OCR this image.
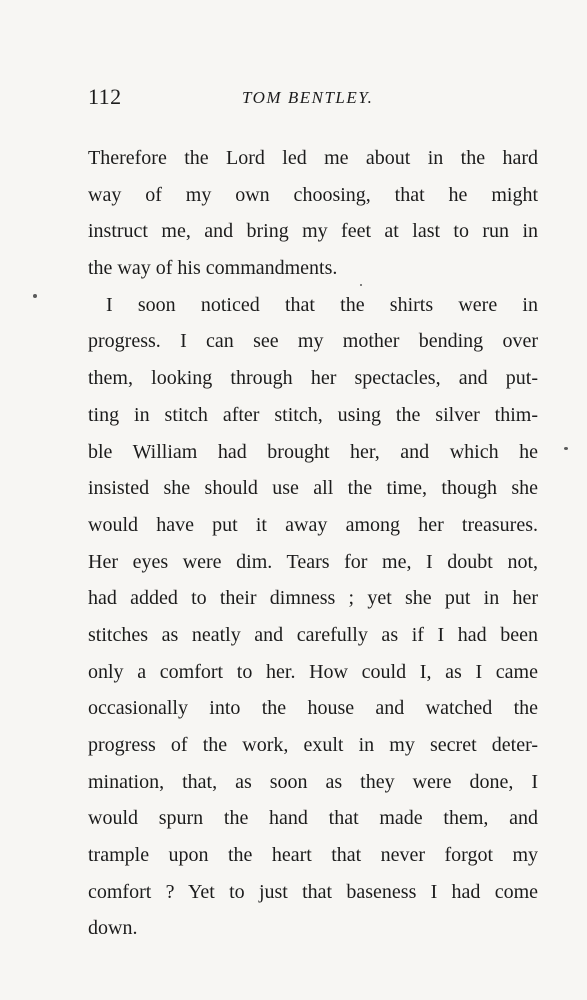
112	TOM BENTLEY.
Therefore the Lord led me about in the hard
way of my own choosing, that he might
instruct me, and bring my feet at last to run in
the way of his commandments.
I soon noticed that the shirts were in
progress. I can see my mother bending over
them, looking through her spectacles, and put-
ting in stitch after stitch, using the silver thim-
ble William had brought her, and which he
insisted she should use all the time, though she
would have put it away among her treasures.
Her eyes were dim. Tears for me, I doubt not,
had added to their dimness ; yet she put in her
stitches as neatly and carefully as if I had been
only a comfort to her. How could I, as I came
occasionally into the house and watched the
progress of the work, exult in my secret deter-
mination, that, as soon as they were done, I
would spurn the hand that made them, and
trample upon the heart that never forgot my
comfort ? Yet to just that baseness I had come
down.
